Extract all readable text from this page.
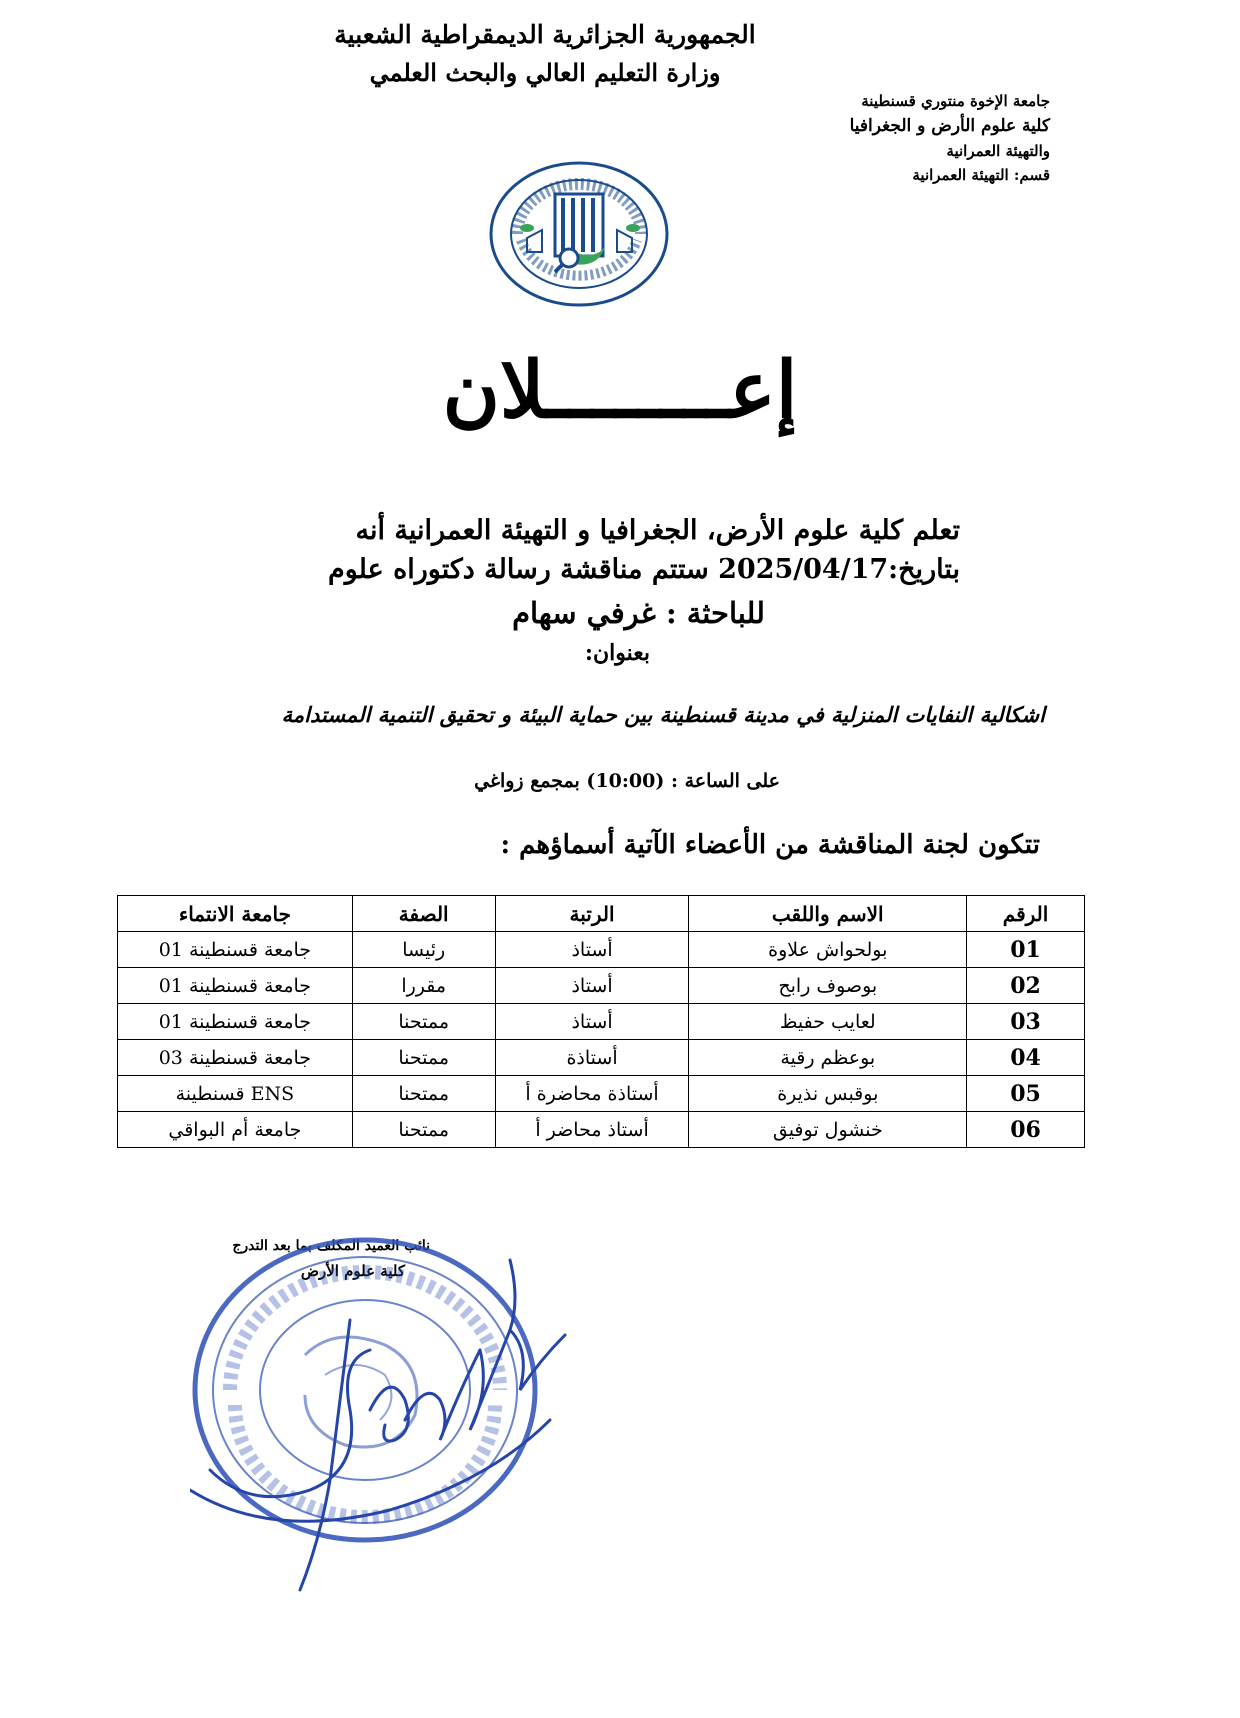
الجمهورية الجزائرية الديمقراطية الشعبية
وزارة التعليم العالي والبحث العلمي
جامعة الإخوة منتوري قسنطينة
كلية علوم الأرض و الجغرافيا
والتهيئة العمرانية
قسم: التهيئة العمرانية
إعــــــــلان
تعلم كلية علوم الأرض، الجغرافيا و التهيئة العمرانية أنه
بتاريخ:2025/04/17 ستتم مناقشة رسالة دكتوراه علوم
للباحثة : غرفي سهام
بعنوان:
اشكالية النفايات المنزلية في مدينة قسنطينة بين حماية البيئة و تحقيق التنمية المستدامة
على الساعة : (10:00) بمجمع زواغي
تتكون لجنة المناقشة من الأعضاء الآتية أسماؤهم :
الرقم	الاسم واللقب	الرتبة	الصفة	جامعة الانتماء
01	بولحواش علاوة	أستاذ	رئيسا	جامعة قسنطينة 01
02	بوصوف رابح	أستاذ	مقررا	جامعة قسنطينة 01
03	لعايب حفيظ	أستاذ	ممتحنا	جامعة قسنطينة 01
04	بوعظم رقية	أستاذة	ممتحنا	جامعة قسنطينة 03
05	بوقبس نذيرة	أستاذة محاضرة أ	ممتحنا	ENS قسنطينة
06	خنشول توفيق	أستاذ محاضر أ	ممتحنا	جامعة أم البواقي
نائب العميد المكلف بما بعد التدرج
كلية علوم الأرض
